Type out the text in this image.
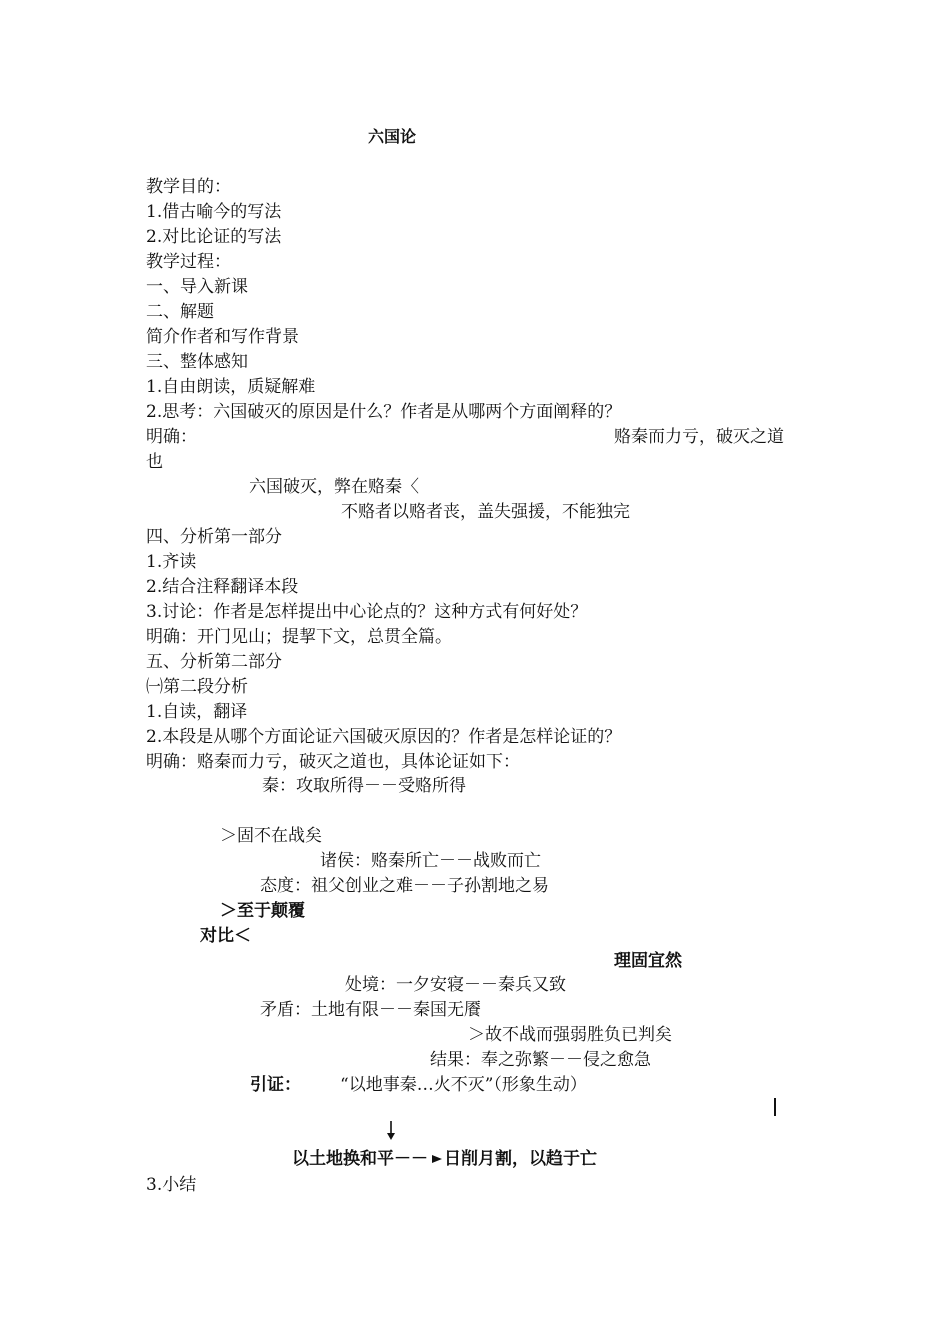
六国论
教学目的：
1.借古喻今的写法
2.对比论证的写法
教学过程：
一、导入新课
二、解题
简介作者和写作背景
三、整体感知
1.自由朗读，质疑解难
2.思考：六国破灭的原因是什么？作者是从哪两个方面阐释的？
明确：	赂秦而力亏，破灭之道
也
六国破灭，弊在赂秦〈
不赂者以赂者丧，盖失强援，不能独完
四、分析第一部分
1.齐读
2.结合注释翻译本段
3.讨论：作者是怎样提出中心论点的？这种方式有何好处？
明确：开门见山；提挈下文，总贯全篇。
五、分析第二部分
㈠第二段分析
1.自读，翻译
2.本段是从哪个方面论证六国破灭原因的？作者是怎样论证的？
明确：赂秦而力亏，破灭之道也，具体论证如下：
秦：攻取所得－－受赂所得
＞固不在战矣
诸侯：赂秦所亡－－战败而亡
态度：祖父创业之难－－子孙割地之易
＞至于颠覆
对比＜
理固宜然
处境：一夕安寝－－秦兵又致
矛盾：土地有限－－秦国无餍
＞故不战而强弱胜负已判矣
结果：奉之弥繁－－侵之愈急
引证： “以地事秦…火不灭”（形象生动）
以土地换和平－－ 日削月割，以趋于亡
3.小结
